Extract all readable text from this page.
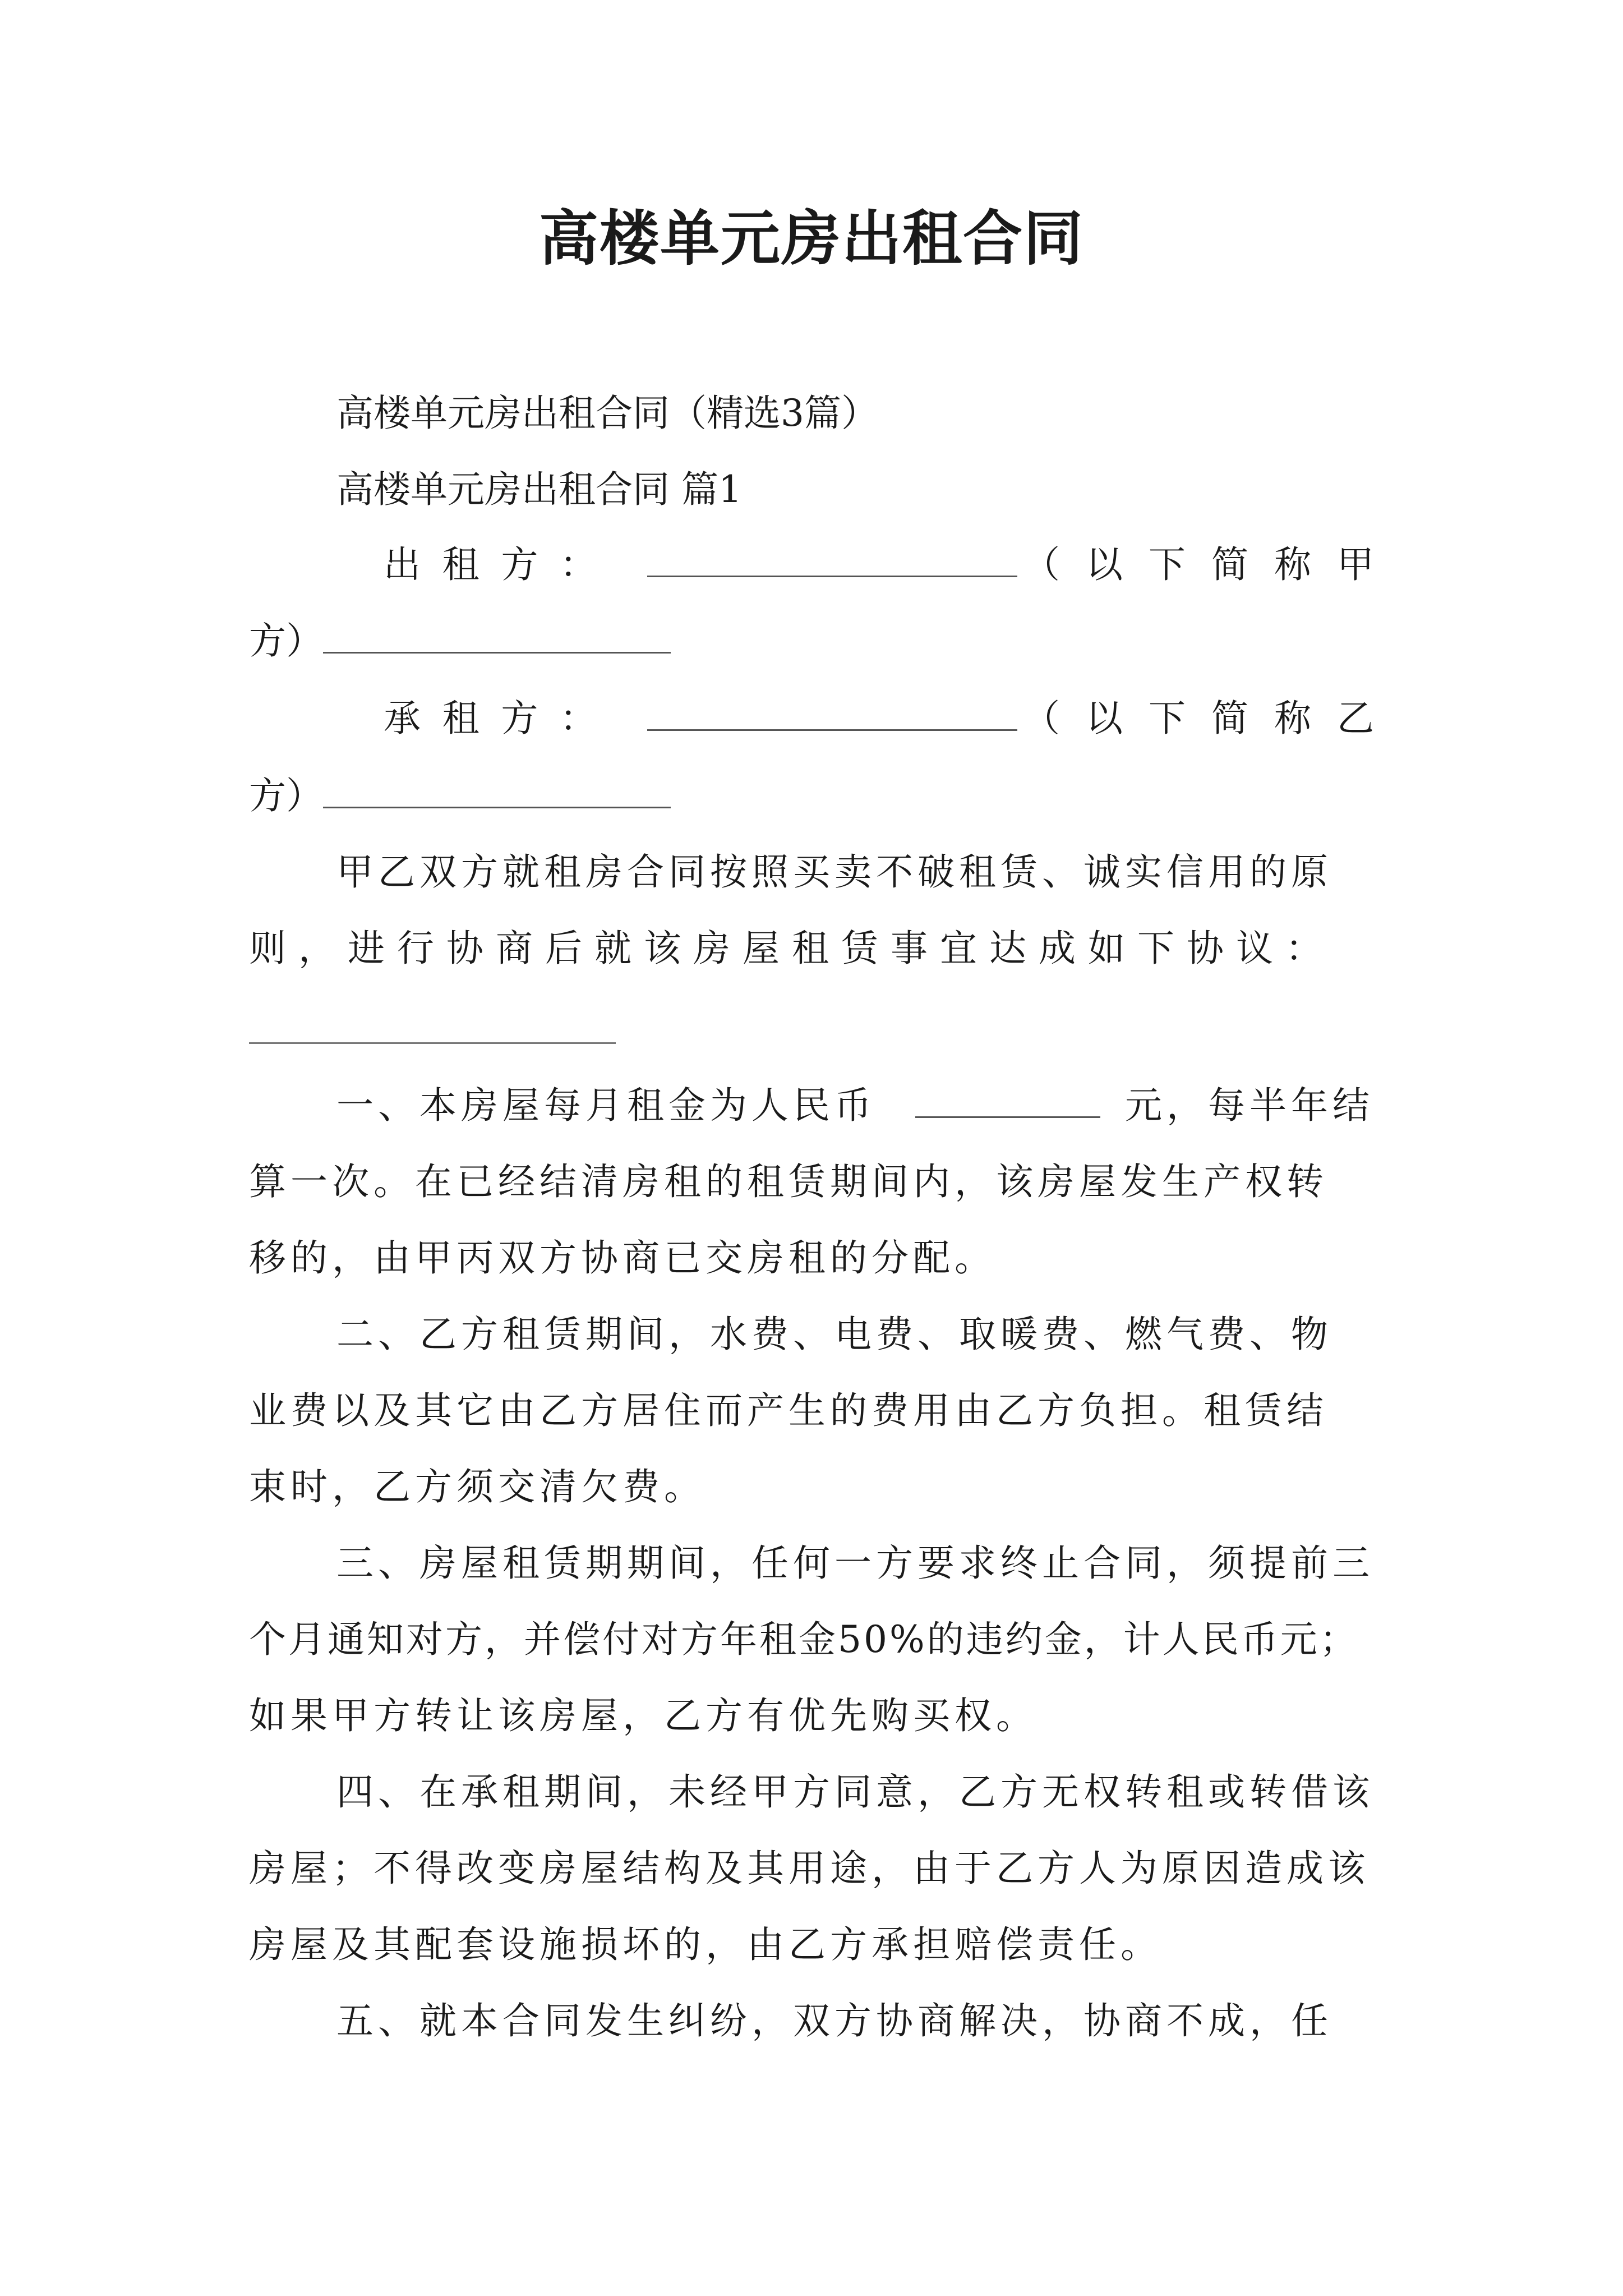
高楼单元房出租合同
高楼单元房出租合同（精选3篇）
高楼单元房出租合同 篇1
出 租 方 ：	（ 以 下 简 称 甲
方）
承 租 方 ：	（ 以 下 简 称 乙
方）
甲乙双方就租房合同按照买卖不破租赁、诚实信用的原
则，进行协商后就该房屋租赁事宜达成如下协议：
一、本房屋每月租金为人民币	元，每半年结
算一次。在已经结清房租的租赁期间内，该房屋发生产权转
移的，由甲丙双方协商已交房租的分配。
二、乙方租赁期间，水费、电费、取暖费、燃气费、物
业费以及其它由乙方居住而产生的费用由乙方负担。租赁结
束时，乙方须交清欠费。
三、房屋租赁期期间，任何一方要求终止合同，须提前三
个月通知对方，并偿付对方年租金50%的违约金，计人民币元；
如果甲方转让该房屋，乙方有优先购买权。
四、在承租期间，未经甲方同意，乙方无权转租或转借该
房屋；不得改变房屋结构及其用途，由于乙方人为原因造成该
房屋及其配套设施损坏的，由乙方承担赔偿责任。
五、就本合同发生纠纷，双方协商解决，协商不成，任
